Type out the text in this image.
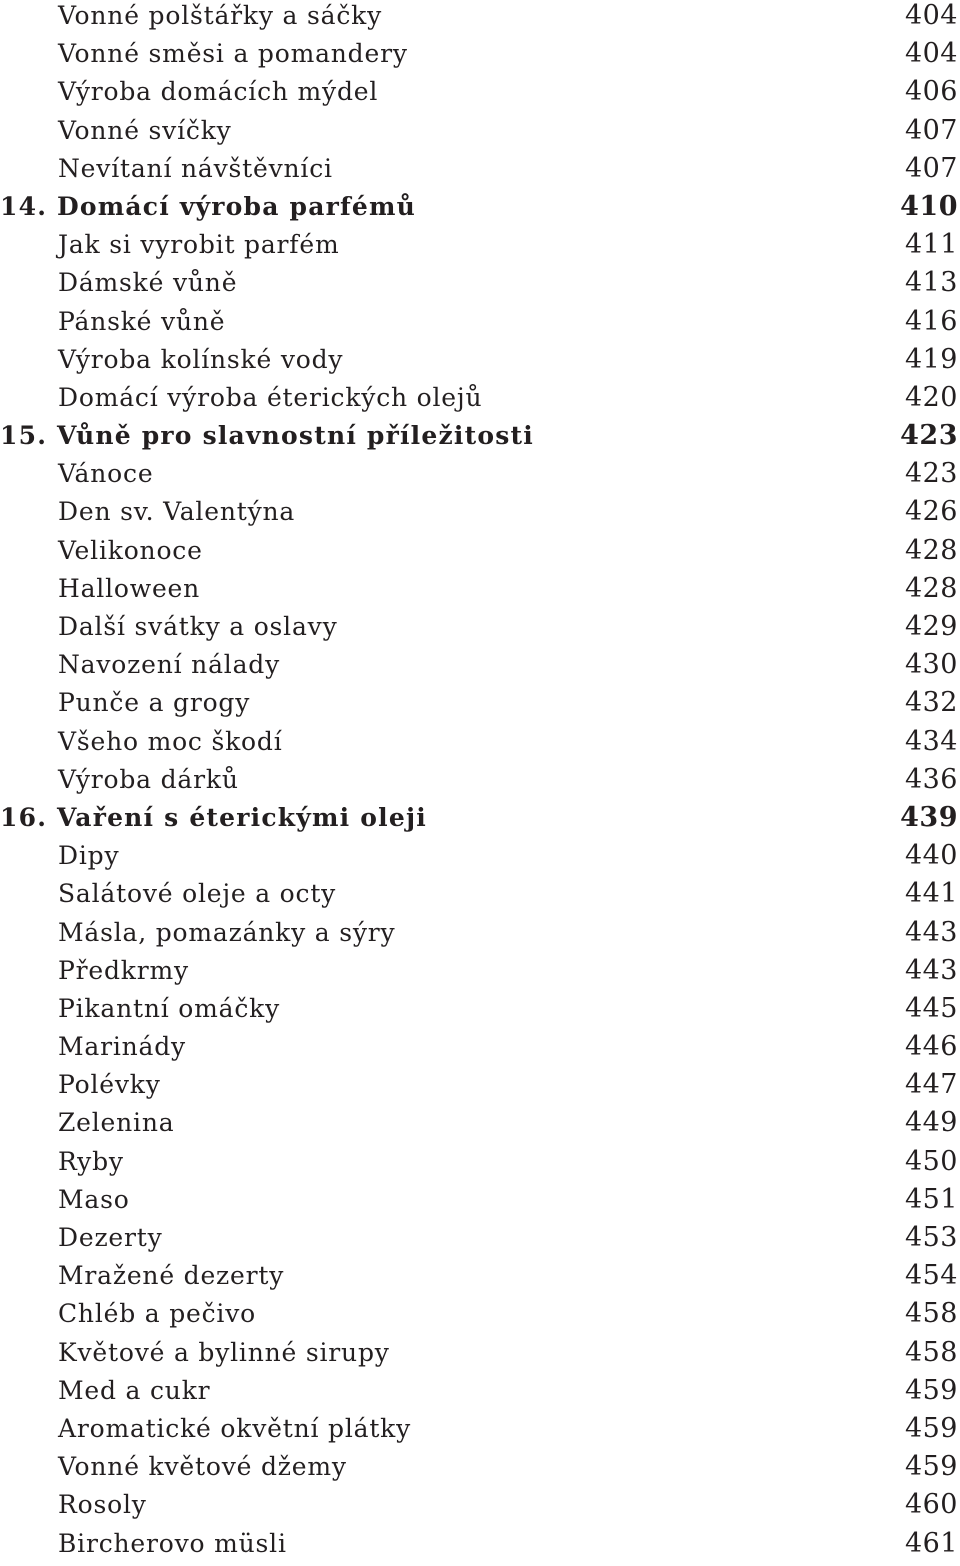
Vonné polštářky a sáčky	404
Vonné směsi a pomandery	404
Výroba domácích mýdel	406
Vonné svíčky	407
Nevítaní návštěvníci	407
14. Domácí výroba parfémů	410
Jak si vyrobit parfém	411
Dámské vůně	413
Pánské vůně	416
Výroba kolínské vody	419
Domácí výroba éterických olejů	420
15. Vůně pro slavnostní příležitosti	423
Vánoce	423
Den sv. Valentýna	426
Velikonoce	428
Halloween	428
Další svátky a oslavy	429
Navození nálady	430
Punče a grogy	432
Všeho moc škodí	434
Výroba dárků	436
16. Vaření s éterickými oleji	439
Dipy	440
Salátové oleje a octy	441
Másla, pomazánky a sýry	443
Předkrmy	443
Pikantní omáčky	445
Marinády	446
Polévky	447
Zelenina	449
Ryby	450
Maso	451
Dezerty	453
Mražené dezerty	454
Chléb a pečivo	458
Květové a bylinné sirupy	458
Med a cukr	459
Aromatické okvětní plátky	459
Vonné květové džemy	459
Rosoly	460
Bircherovo müsli	461
